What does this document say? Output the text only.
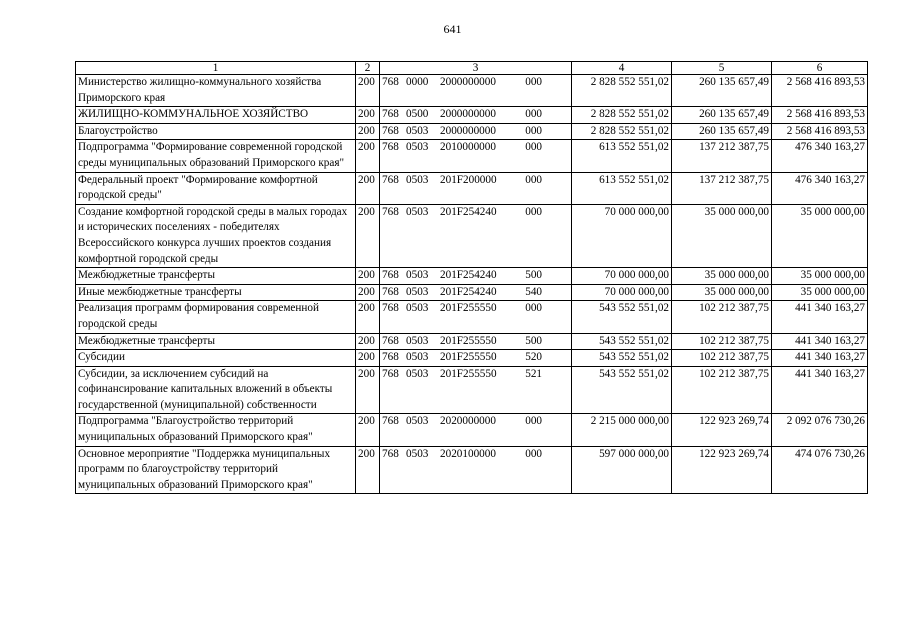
641
1	2	3	4	5	6
Министерство жилищно-коммунального хозяйства Приморского края	200	768 0000 2000000000 000	2 828 552 551,02	260 135 657,49	2 568 416 893,53
ЖИЛИЩНО-КОММУНАЛЬНОЕ ХОЗЯЙСТВО	200	768 0500 2000000000 000	2 828 552 551,02	260 135 657,49	2 568 416 893,53
Благоустройство	200	768 0503 2000000000 000	2 828 552 551,02	260 135 657,49	2 568 416 893,53
Подпрограмма "Формирование современной городской среды муниципальных образований Приморского края"	200	768 0503 2010000000 000	613 552 551,02	137 212 387,75	476 340 163,27
Федеральный проект "Формирование комфортной городской среды"	200	768 0503 201F200000 000	613 552 551,02	137 212 387,75	476 340 163,27
Создание комфортной городской среды в малых городах и исторических поселениях - победителях Всероссийского конкурса лучших проектов создания комфортной городской среды	200	768 0503 201F254240 000	70 000 000,00	35 000 000,00	35 000 000,00
Межбюджетные трансферты	200	768 0503 201F254240 500	70 000 000,00	35 000 000,00	35 000 000,00
Иные межбюджетные трансферты	200	768 0503 201F254240 540	70 000 000,00	35 000 000,00	35 000 000,00
Реализация программ формирования современной городской среды	200	768 0503 201F255550 000	543 552 551,02	102 212 387,75	441 340 163,27
Межбюджетные трансферты	200	768 0503 201F255550 500	543 552 551,02	102 212 387,75	441 340 163,27
Субсидии	200	768 0503 201F255550 520	543 552 551,02	102 212 387,75	441 340 163,27
Субсидии, за исключением субсидий на софинансирование капитальных вложений в объекты государственной (муниципальной) собственности	200	768 0503 201F255550 521	543 552 551,02	102 212 387,75	441 340 163,27
Подпрограмма "Благоустройство территорий муниципальных образований Приморского края"	200	768 0503 2020000000 000	2 215 000 000,00	122 923 269,74	2 092 076 730,26
Основное мероприятие "Поддержка муниципальных программ по благоустройству территорий муниципальных образований Приморского края"	200	768 0503 2020100000 000	597 000 000,00	122 923 269,74	474 076 730,26
